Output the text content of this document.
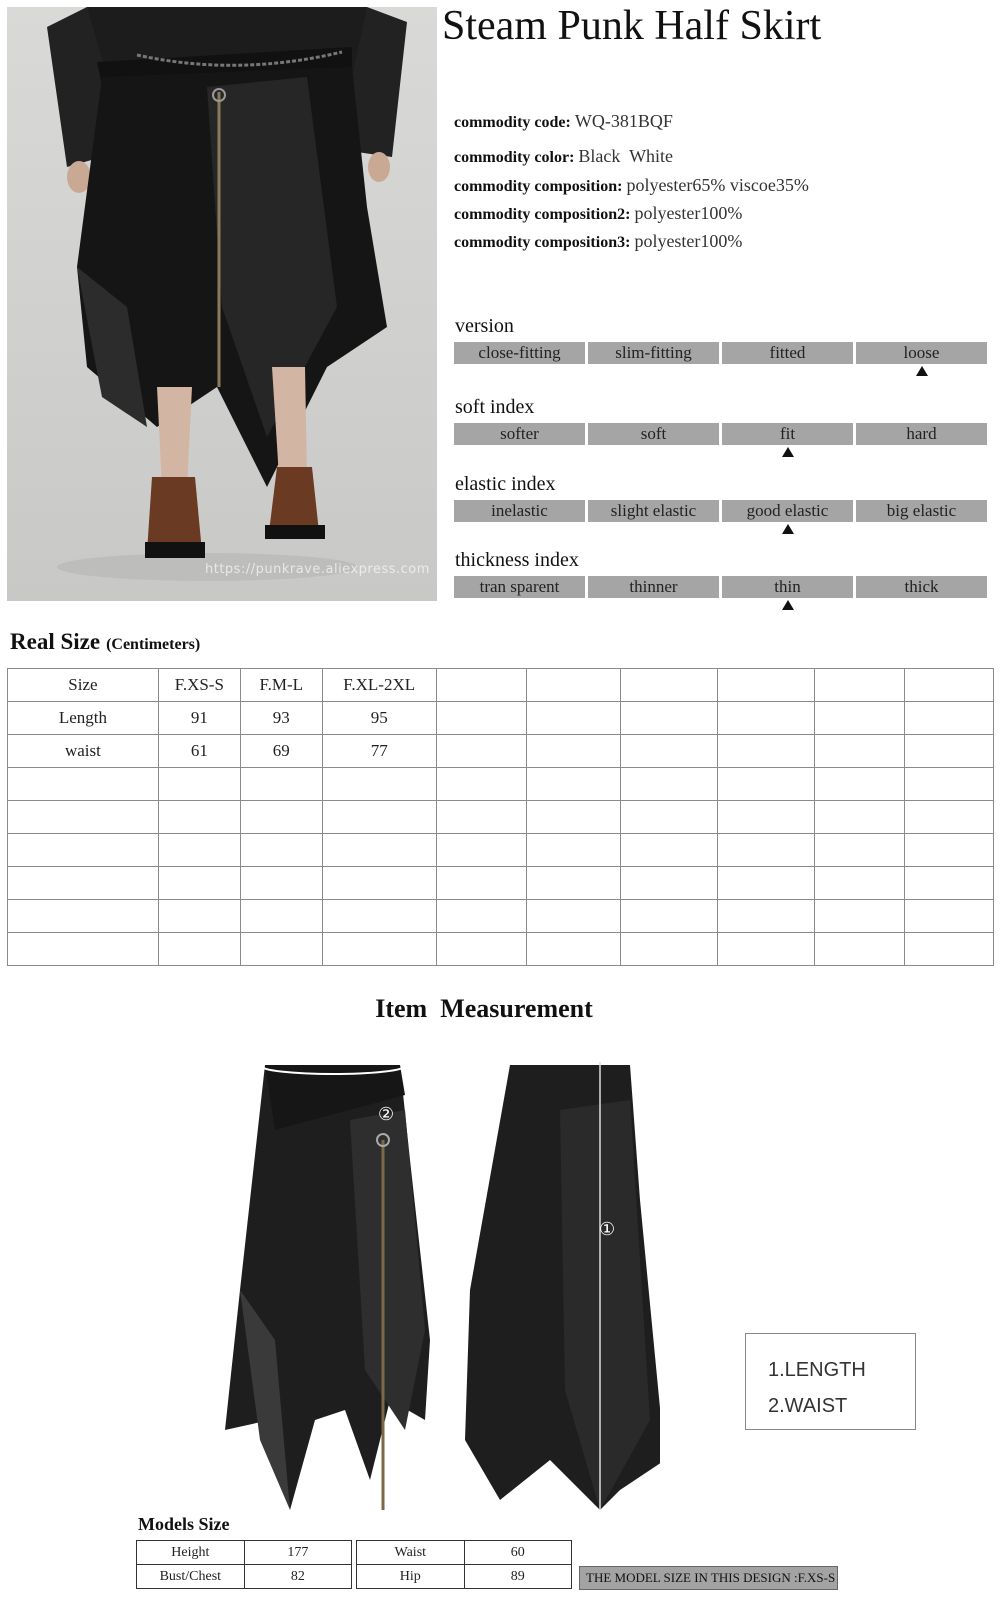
https://punkrave.aliexpress.com
Steam Punk Half Skirt
commodity code: WQ-381BQF
commodity color: Black  White
commodity composition: polyester65% viscoe35%
commodity composition2: polyester100%
commodity composition3: polyester100%
version
close-fitting	slim-fitting	fitted	loose
soft index
softer	soft	fit	hard
elastic index
inelastic	slight elastic	good elastic	big elastic
thickness index
tran sparent	thinner	thin	thick
Real Size (Centimeters)
Size	F.XS-S	F.M-L	F.XL-2XL						
Length	91	93	95						
waist	61	69	77						

Item  Measurement
②
①
1.LENGTH
2.WAIST
Models Size
Height	177
Bust/Chest	82
Waist	60
Hip	89	THE MODEL SIZE IN THIS DESIGN :F.XS-S
